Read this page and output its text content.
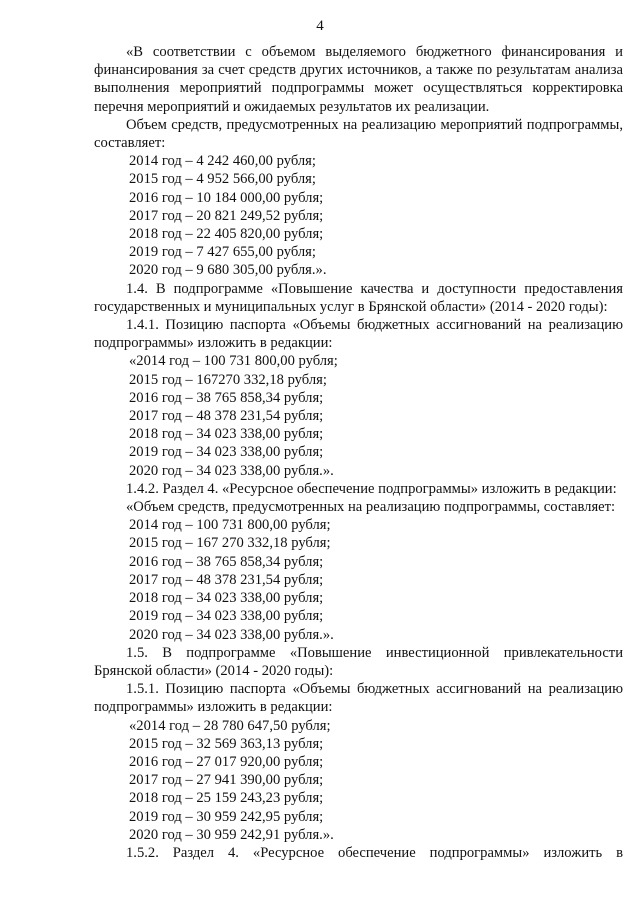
4

«В соответствии с объемом выделяемого бюджетного финансирования и финансирования за счет средств других источников, а также по результатам анализа выполнения мероприятий подпрограммы может осуществляться корректировка перечня мероприятий и ожидаемых результатов их реализации.

Объем средств, предусмотренных на реализацию мероприятий подпрограммы, составляет:

2014 год – 4 242 460,00 рубля;
2015 год – 4 952 566,00 рубля;
2016 год – 10 184 000,00 рубля;
2017 год – 20 821 249,52 рубля;
2018 год – 22 405 820,00 рубля;
2019 год – 7 427 655,00 рубля;
2020 год – 9 680 305,00 рубля.».

1.4. В подпрограмме «Повышение качества и доступности предоставления государственных и муниципальных услуг в Брянской области» (2014 - 2020 годы):

1.4.1. Позицию паспорта «Объемы бюджетных ассигнований на реализацию подпрограммы» изложить в редакции:

«2014 год – 100 731 800,00 рубля;
2015 год – 167270 332,18 рубля;
2016 год – 38 765 858,34 рубля;
2017 год – 48 378 231,54 рубля;
2018 год – 34 023 338,00 рубля;
2019 год – 34 023 338,00 рубля;
2020 год – 34 023 338,00 рубля.».

1.4.2. Раздел 4. «Ресурсное обеспечение подпрограммы» изложить в редакции:

«Объем средств, предусмотренных на реализацию подпрограммы, составляет:

2014 год – 100 731 800,00 рубля;
2015 год – 167 270 332,18 рубля;
2016 год – 38 765 858,34 рубля;
2017 год – 48 378 231,54 рубля;
2018 год – 34 023 338,00 рубля;
2019 год – 34 023 338,00 рубля;
2020 год – 34 023 338,00 рубля.».

1.5. В подпрограмме «Повышение инвестиционной привлекательности Брянской области» (2014 - 2020 годы):

1.5.1. Позицию паспорта «Объемы бюджетных ассигнований на реализацию подпрограммы» изложить в редакции:

«2014 год – 28 780 647,50 рубля;
2015 год – 32 569 363,13 рубля;
2016 год – 27 017 920,00 рубля;
2017 год – 27 941 390,00 рубля;
2018 год – 25 159 243,23 рубля;
2019 год – 30 959 242,95 рубля;
2020 год – 30 959 242,91 рубля.».

1.5.2. Раздел 4. «Ресурсное обеспечение подпрограммы» изложить в
